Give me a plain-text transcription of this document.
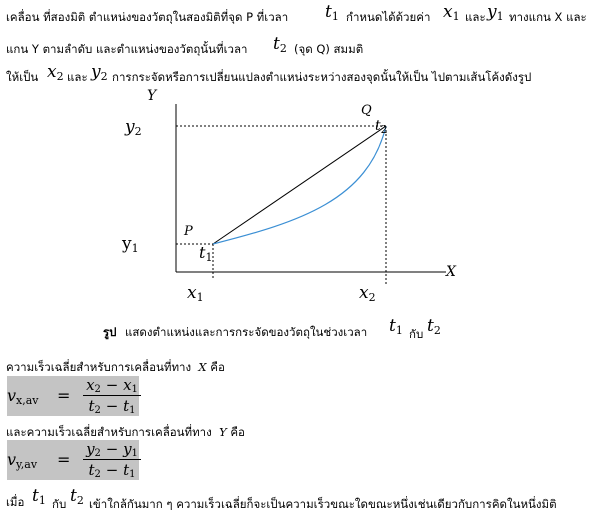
เคลื่อน ที่สองมิติ ตำแหน่งของวัตถุในสองมิติที่จุด P ที่เวลา $t_1$ กำหนดได้ด้วยค่า $x_1$ และ $y_1$ ทางแกน X และ
แกน Y ตามลำดับ และตำแหน่งของวัตถุนั้นที่เวลา $t_2$ (จุด Q) สมมติ
ให้เป็น $x_2$ และ $y_2$ การกระจัดหรือการเปลี่ยนแปลงตำแหน่งระหว่างสองจุดนั้นให้เป็น ไปตามเส้นโค้งดังรูป
Y
X
Q
P
$y_2$
$y_1$
$x_1$	$x_2$
$t_1$
$t_2$
รูป แสดงตำแหน่งและการกระจัดของวัตถุในช่วงเวลา $t_1$ กับ $t_2$
ความเร็วเฉลี่ยสำหรับการเคลื่อนที่ทาง X คือ
$v_{x,av}$ =
$x_2 - x_1$
$t_2 - t_1$
และความเร็วเฉลี่ยสำหรับการเคลื่อนที่ทาง Y คือ
$v_{y,av}$ =
$y_2 - y_1$
$t_2 - t_1$
เมื่อ $t_1$ กับ $t_2$ เข้าใกล้กันมาก ๆ ความเร็วเฉลี่ยก็จะเป็นความเร็วขณะใดขณะหนึ่งเช่นเดียวกับการคิดในหนึ่งมิติ
